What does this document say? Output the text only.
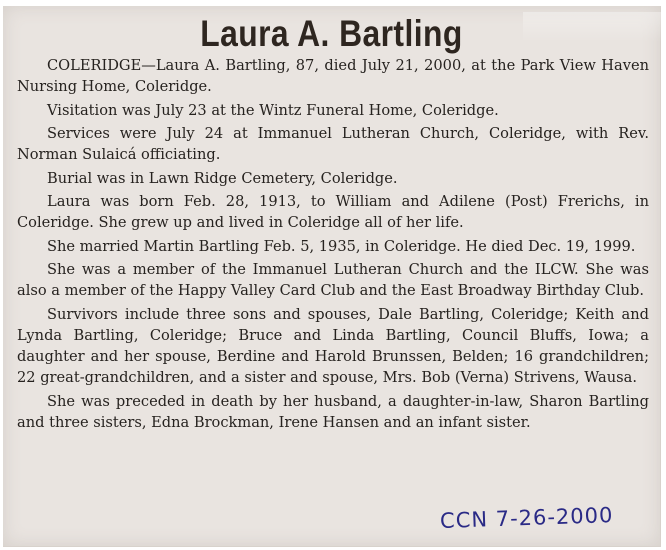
Laura A. Bartling

COLERIDGE—Laura A. Bartling, 87, died July 21, 2000, at the Park View Haven Nursing Home, Coleridge.

Visitation was July 23 at the Wintz Funeral Home, Coleridge.

Services were July 24 at Immanuel Lutheran Church, Coleridge, with Rev. Norman Sulaicá officiating.

Burial was in Lawn Ridge Cemetery, Coleridge.

Laura was born Feb. 28, 1913, to William and Adilene (Post) Frerichs, in Coleridge. She grew up and lived in Coleridge all of her life.

She married Martin Bartling Feb. 5, 1935, in Coleridge. He died Dec. 19, 1999.

She was a member of the Immanuel Lutheran Church and the ILCW. She was also a member of the Happy Valley Card Club and the East Broadway Birthday Club.

Survivors include three sons and spouses, Dale Bartling, Coleridge; Keith and Lynda Bartling, Coleridge; Bruce and Linda Bartling, Council Bluffs, Iowa; a daughter and her spouse, Berdine and Harold Brunssen, Belden; 16 grandchildren; 22 great-grandchildren, and a sister and spouse, Mrs. Bob (Verna) Strivens, Wausa.

She was preceded in death by her husband, a daughter-in-law, Sharon Bartling and three sisters, Edna Brockman, Irene Hansen and an infant sister.

CCN 7-26-2000
